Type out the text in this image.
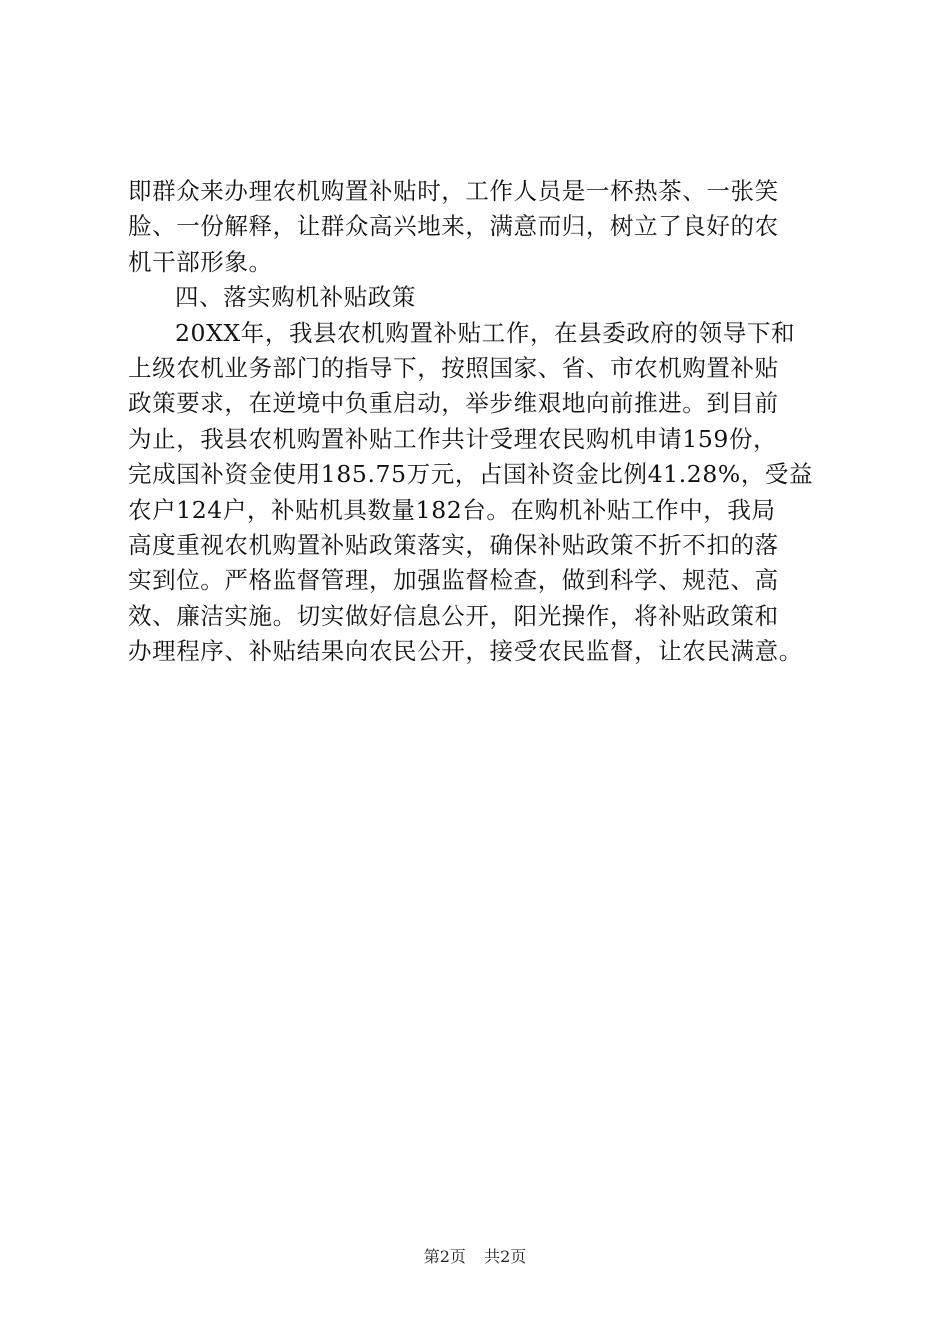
即群众来办理农机购置补贴时，工作人员是一杯热茶、一张笑
脸、一份解释，让群众高兴地来，满意而归，树立了良好的农
机干部形象。
四、落实购机补贴政策
20XX年，我县农机购置补贴工作，在县委政府的领导下和
上级农机业务部门的指导下，按照国家、省、市农机购置补贴
政策要求，在逆境中负重启动，举步维艰地向前推进。到目前
为止，我县农机购置补贴工作共计受理农民购机申请159份，
完成国补资金使用185.75万元，占国补资金比例41.28%，受益
农户124户，补贴机具数量182台。在购机补贴工作中，我局
高度重视农机购置补贴政策落实，确保补贴政策不折不扣的落
实到位。严格监督管理，加强监督检查，做到科学、规范、高
效、廉洁实施。切实做好信息公开，阳光操作，将补贴政策和
办理程序、补贴结果向农民公开，接受农民监督，让农民满意。
第2页 共2页
